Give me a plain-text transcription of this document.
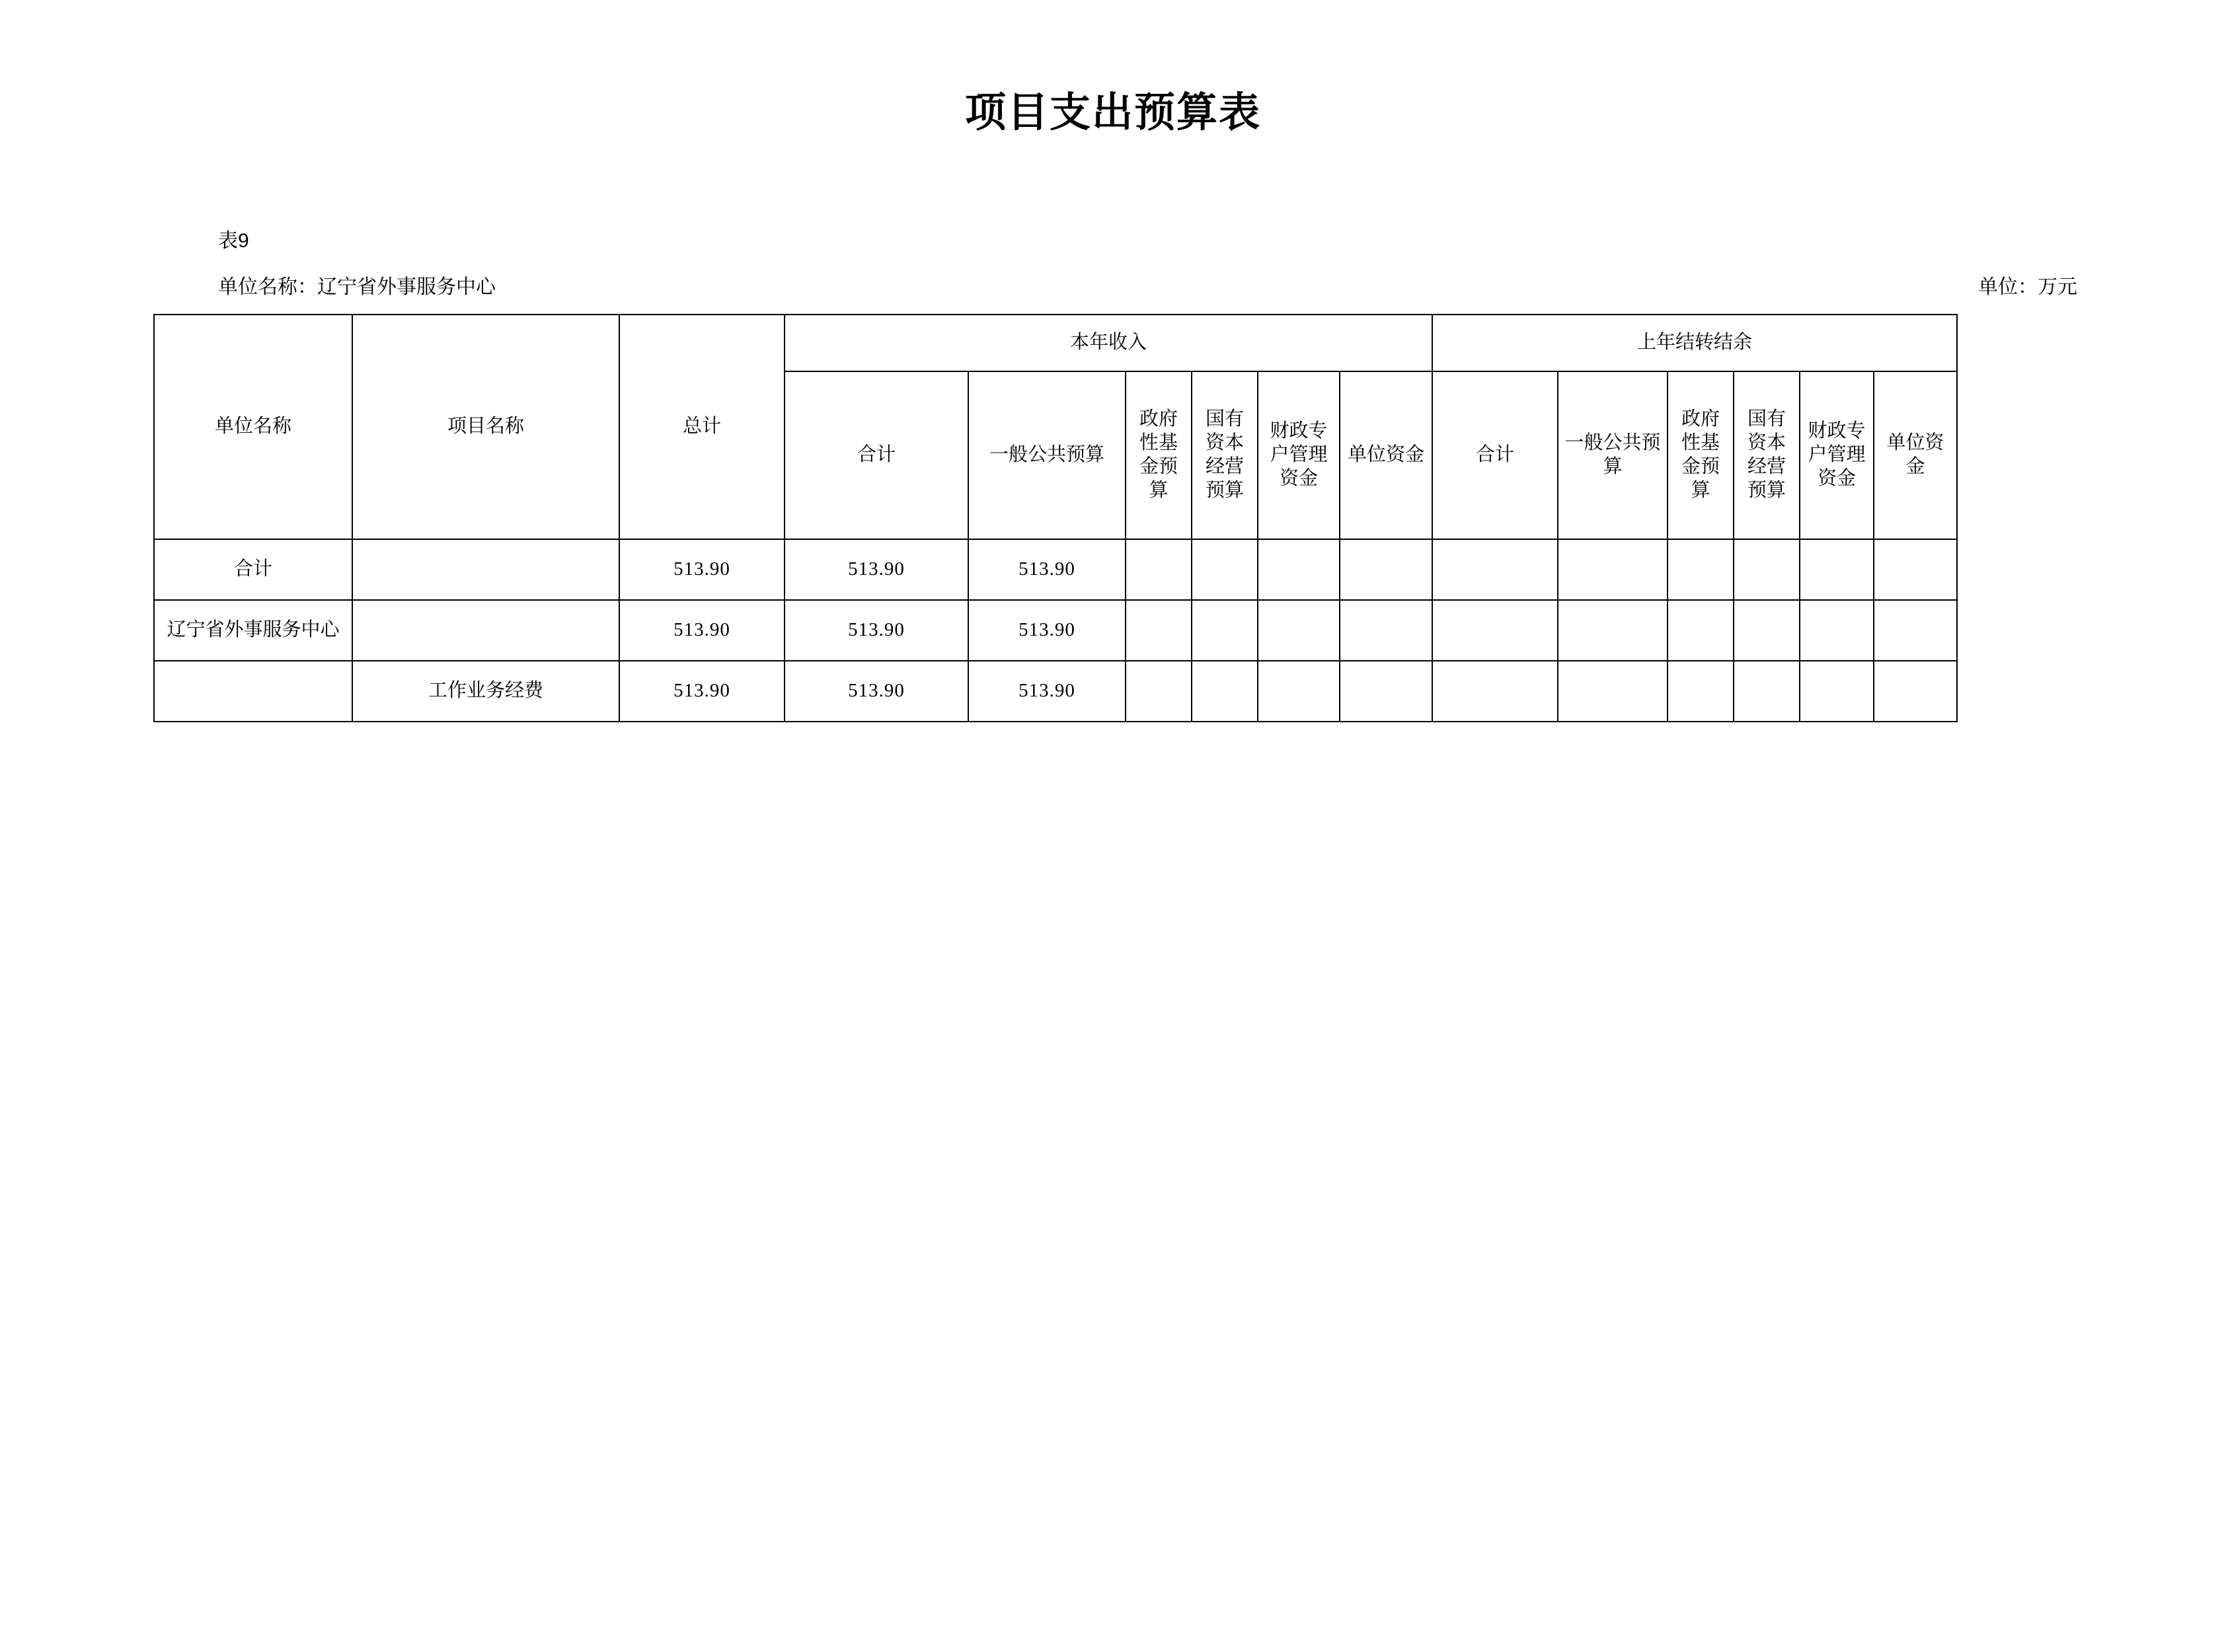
项目支出预算表
表9
单位名称：辽宁省外事服务中心	单位：万元
单位名称	项目名称	总计	本年收入						上年结转结余					
			合计	一般公共预算	政府性基金预算	国有资本经营预算	财政专户管理资金	单位资金	合计	一般公共预算	政府性基金预算	国有资本经营预算	财政专户管理资金	单位资金
合计		513.90	513.90	513.90										
辽宁省外事服务中心		513.90	513.90	513.90										
	工作业务经费	513.90	513.90	513.90										
